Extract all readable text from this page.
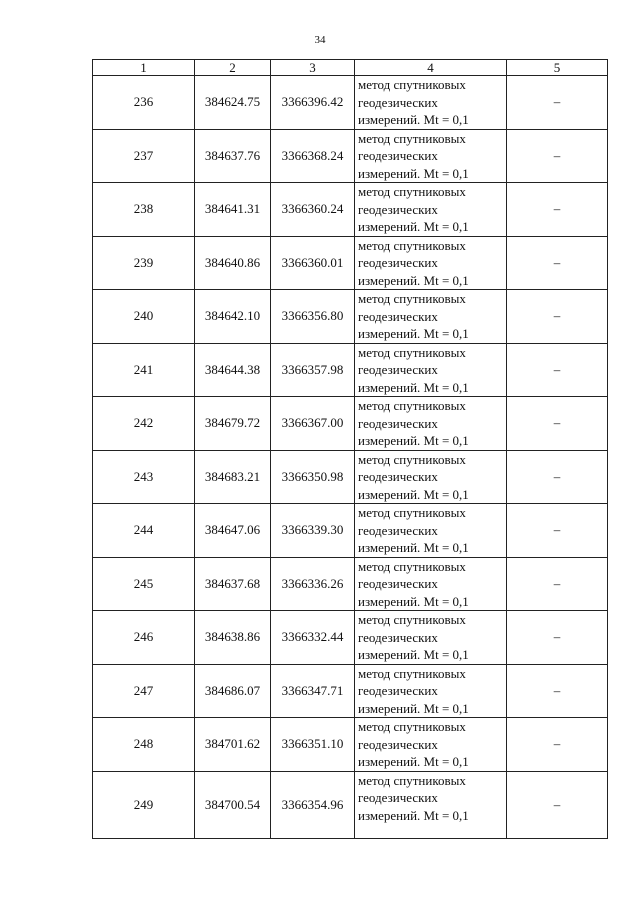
34
1	2	3	4	5
236	384624.75	3366396.42	метод спутниковых
геодезических
измерений. Mt = 0,1	–
237	384637.76	3366368.24	метод спутниковых
геодезических
измерений. Mt = 0,1	–
238	384641.31	3366360.24	метод спутниковых
геодезических
измерений. Mt = 0,1	–
239	384640.86	3366360.01	метод спутниковых
геодезических
измерений. Mt = 0,1	–
240	384642.10	3366356.80	метод спутниковых
геодезических
измерений. Mt = 0,1	–
241	384644.38	3366357.98	метод спутниковых
геодезических
измерений. Mt = 0,1	–
242	384679.72	3366367.00	метод спутниковых
геодезических
измерений. Mt = 0,1	–
243	384683.21	3366350.98	метод спутниковых
геодезических
измерений. Mt = 0,1	–
244	384647.06	3366339.30	метод спутниковых
геодезических
измерений. Mt = 0,1	–
245	384637.68	3366336.26	метод спутниковых
геодезических
измерений. Mt = 0,1	–
246	384638.86	3366332.44	метод спутниковых
геодезических
измерений. Mt = 0,1	–
247	384686.07	3366347.71	метод спутниковых
геодезических
измерений. Mt = 0,1	–
248	384701.62	3366351.10	метод спутниковых
геодезических
измерений. Mt = 0,1	–
249	384700.54	3366354.96	метод спутниковых
геодезических
измерений. Mt = 0,1	–
